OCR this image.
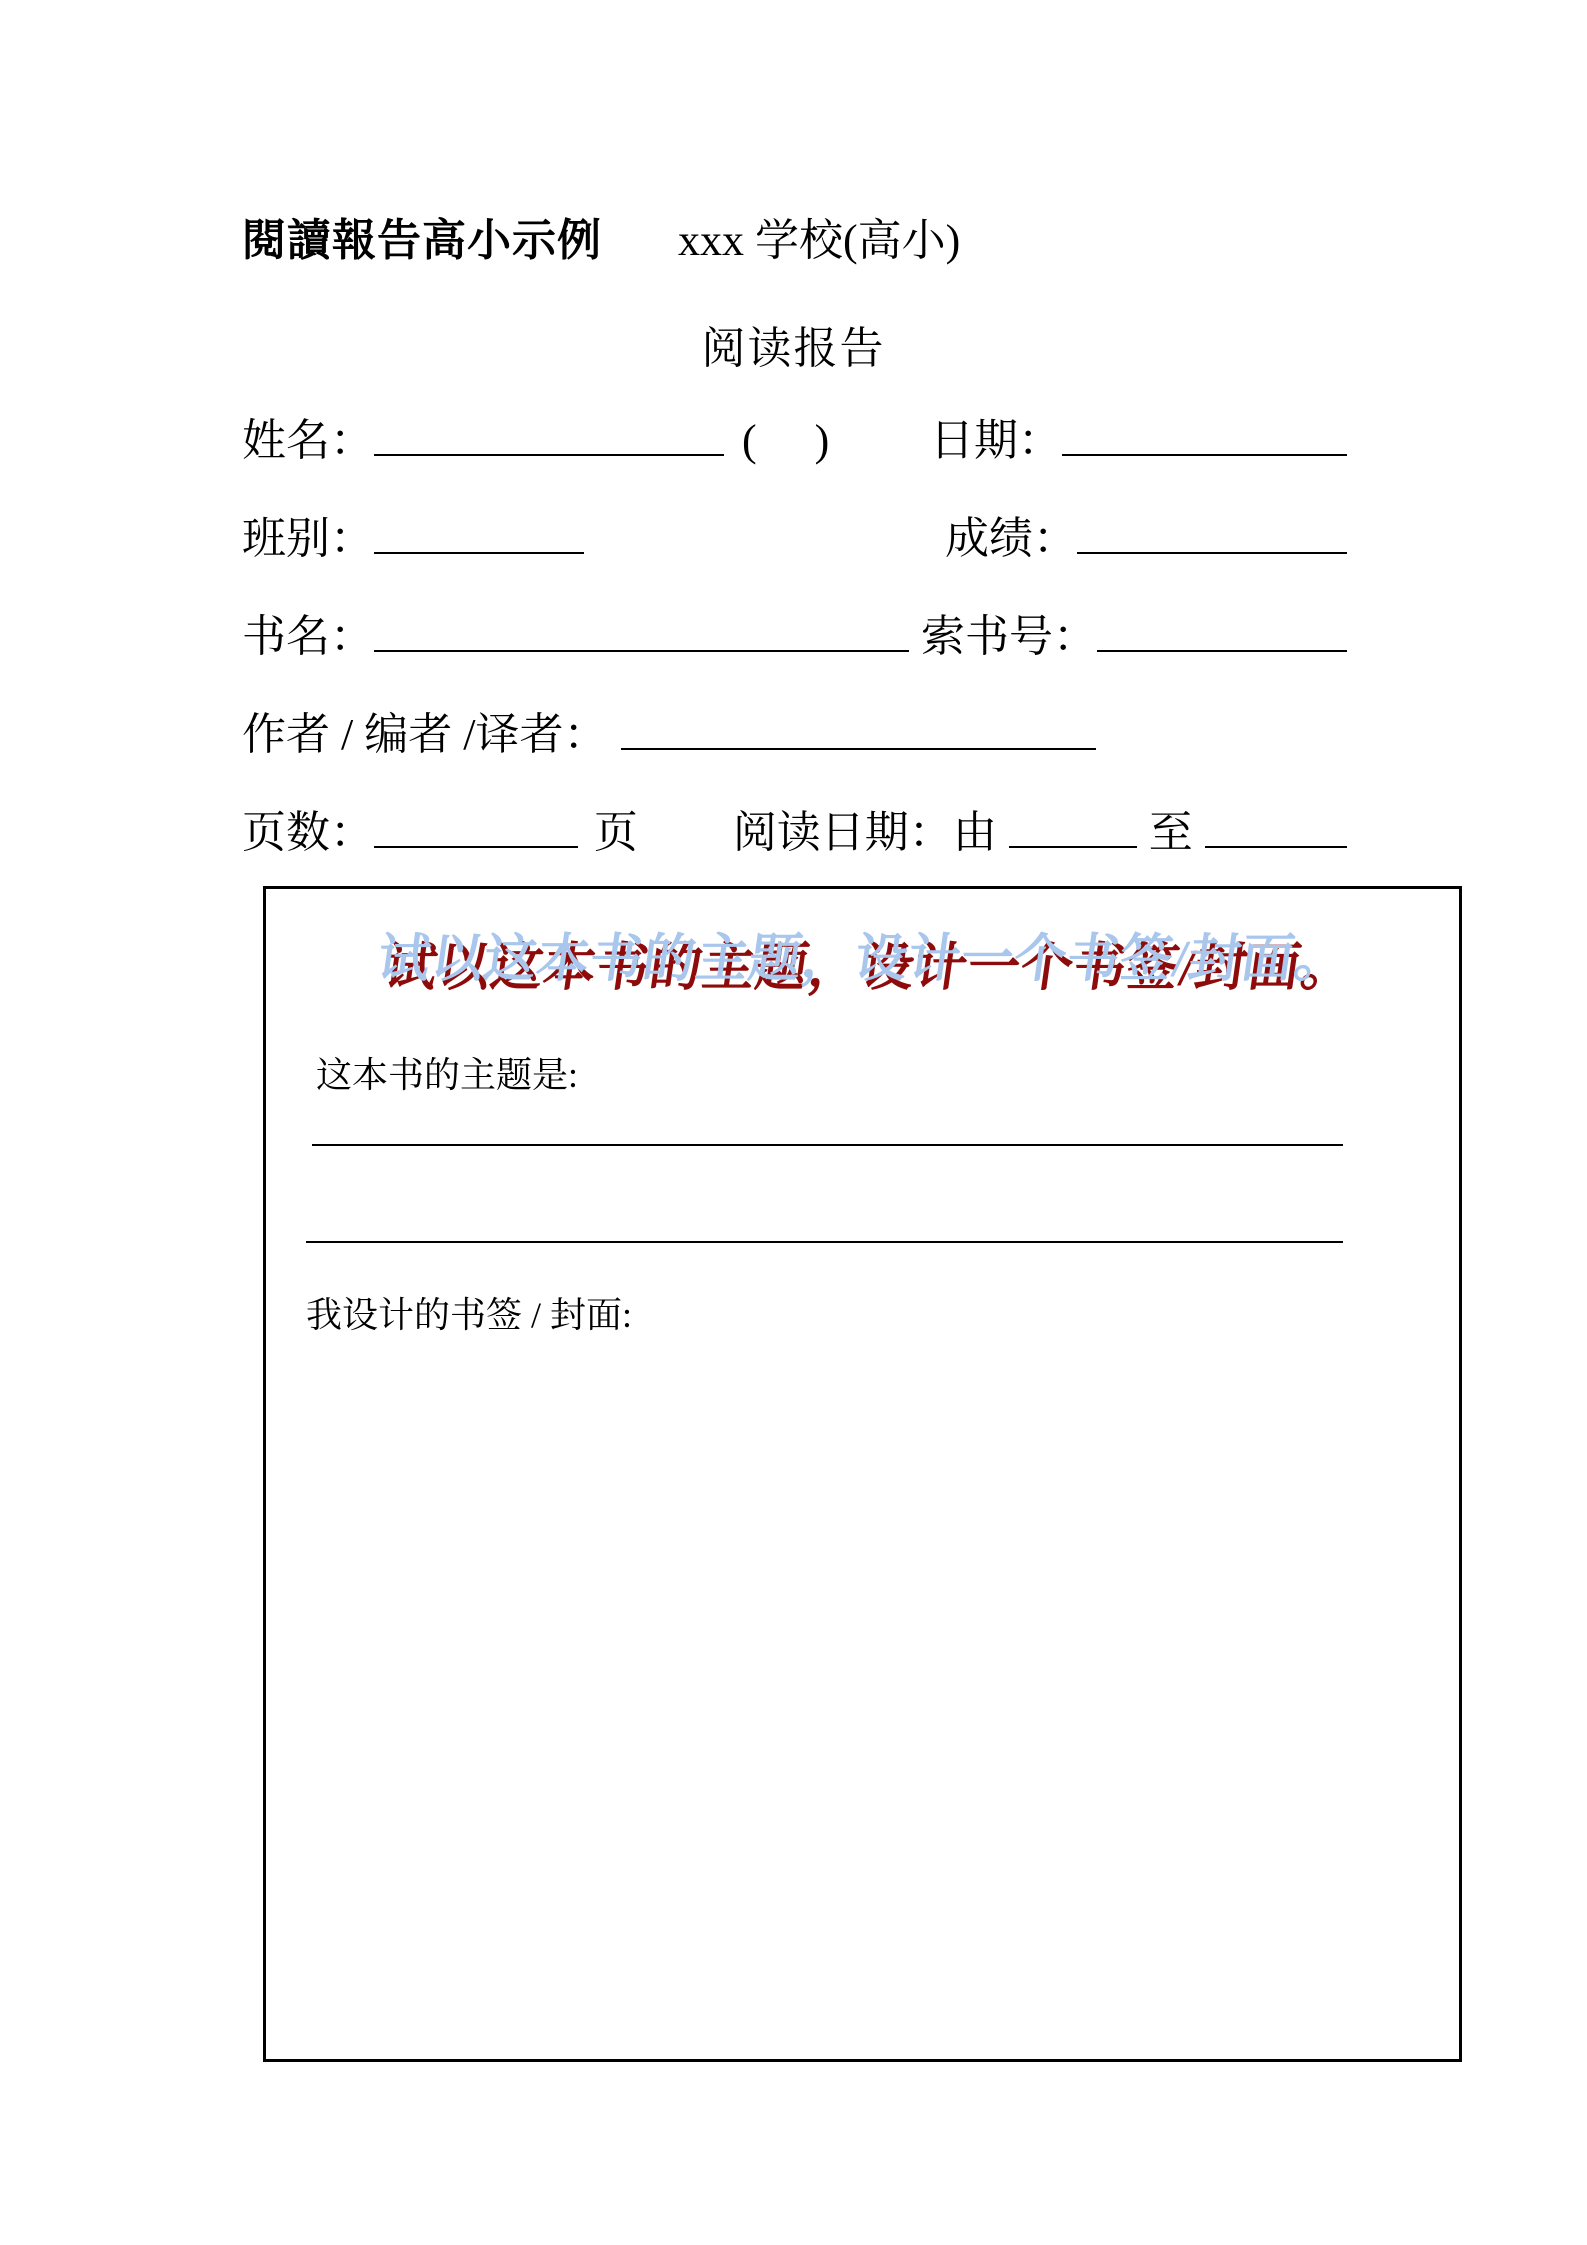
閱讀報告高小示例 xxx 学校(高小)
阅读报告
姓名：	( ) 日期：
班别：	成绩：
书名：	索书号：
作者 / 编者 /译者：
页数：	页 阅读日期： 由	至
试以这本书的主题，设计一个书签/封面。
这本书的主题是:
我设计的书签 / 封面:
